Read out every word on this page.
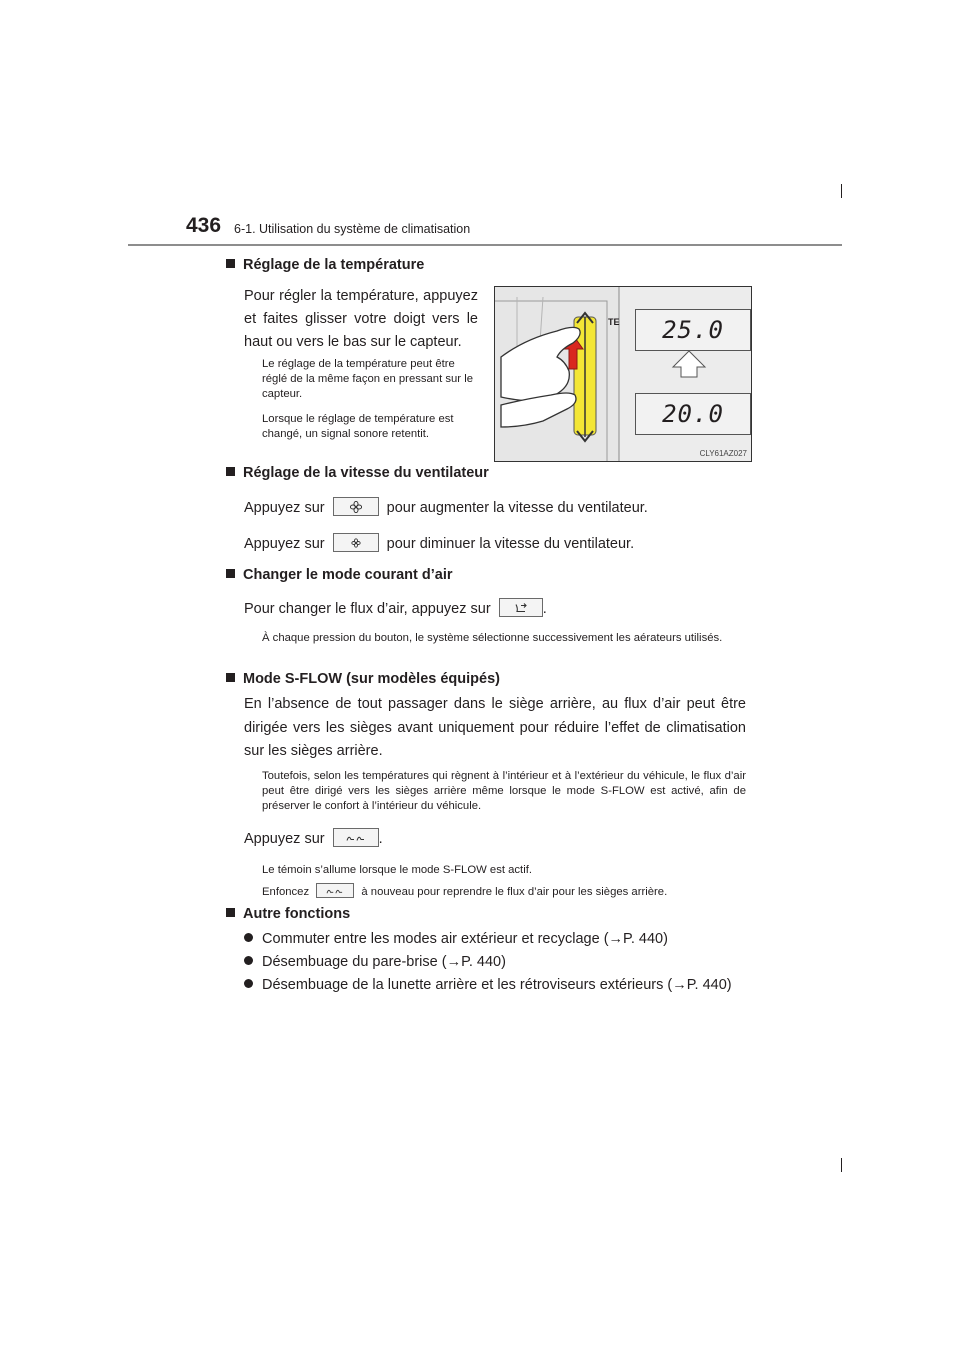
436 6-1. Utilisation du système de climatisation
Réglage de la température
Pour régler la température, appuyez et faites glisser votre doigt vers le haut ou vers le bas sur le capteur.
Le réglage de la température peut être réglé de la même façon en pressant sur le capteur.
Lorsque le réglage de température est changé, un signal sonore retentit.
TE	25.0
20.0
CLY61AZ027
Réglage de la vitesse du ventilateur
Appuyez sur	pour augmenter la vitesse du ventilateur.
Appuyez sur	pour diminuer la vitesse du ventilateur.
Changer le mode courant d’air
Pour changer le flux d’air, appuyez sur	.
À chaque pression du bouton, le système sélectionne successivement les aérateurs utilisés.
Mode S-FLOW (sur modèles équipés)
En l’absence de tout passager dans le siège arrière, au flux d’air peut être dirigée vers les sièges avant uniquement pour réduire l’effet de climatisation sur les sièges arrière.
Toutefois, selon les températures qui règnent à l’intérieur et à l’extérieur du véhicule, le flux d’air peut être dirigé vers les sièges arrière même lorsque le mode S-FLOW est activé, afin de préserver le confort à l’intérieur du véhicule.
Appuyez sur	.
Le témoin s’allume lorsque le mode S-FLOW est actif.
Enfoncez	à nouveau pour reprendre le flux d’air pour les sièges arrière.
Autre fonctions
Commuter entre les modes air extérieur et recyclage (→P. 440)
Désembuage du pare-brise (→P. 440)
Désembuage de la lunette arrière et les rétroviseurs extérieurs (→P. 440)
